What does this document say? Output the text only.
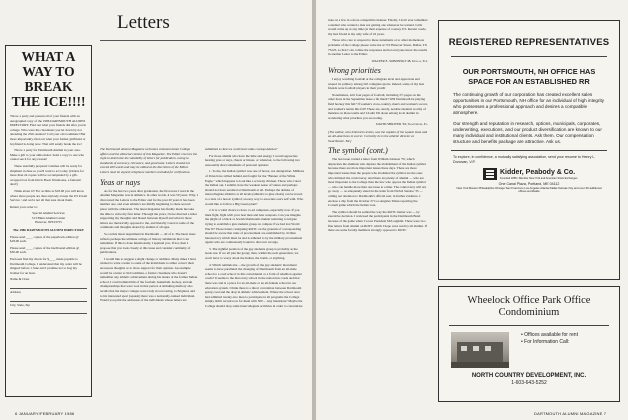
WHAT A WAY TO BREAK THE ICE!!!!

Throw a party and present all of your friends with an autographed copy of the 1986 DARTMOUTH ALUMNI DIRECTORY. Find out what your friends did after you in college. Who were the classmates you let down by not attending the 25th reunion? Call your old roommate! But more importantly, find out what your former girlfriend or boyfriend is doing now. That will surely break the ice!

Throw a party for Dartmouth Alumni in your area. Make a gift to your alma mater. Send a copy to one who cannot see it for any reason!

These tastefully prepared volumes will be ready for shipment in June so you'll want to act today. (Orders for more than 24 copies will be accompanied by a gift-wrapped box from Davis Book Warehouse, a fantastic deal!)

Think about it!! For as little as $18.00 you will know where more people are than anybody except the US Postal Service / and we're not all that sure about them.

Return your order to:

Special Alumni Services
313 Blunt Alumni Center
Hanover, NH 03755
The 1986 DARTMOUTH ALUMNI DIRECTORY

Please send ____ copies of the paperback edition @ $18.00 each.

Please send ____ copies of the hardbound edition @ $30.00 each.

Enclosed find my check for $____ made payable to Dartmouth College. I understand that my order will be shipped before 1 June and I promise not to hog my brother for an hour.

Name & Class
Address
City, State, Zip
Letters

The Dartmouth Alumni Magazine welcomes comment about College affairs and the editorial content of this Magazine. The Editor reserves the right to determine the suitability of letters for publication, owing to standards of accuracy, relevance, and good taste. Letters should not exceed 400 words and may be edited at the discretion of the Editor. Letters must be signed; telephone numbers included for verification.

Yeas or nays

As for the last two years after graduation, the first news I read in the Alumni Magazine was in athletics. In other words, it was 50 years. Why, I discovered the Letters to the Editor and for the past 20 years it has been number one, and even athletics are mildly beginning to share second place with the obituaries. The latest magazine has finally made me take the time to write my first letter. Through the years, I have directed a letter supporting my thoughts and biased between myself and what in those letters are rhetorically opposed to me, and literally voted at some of the comments and thoughts shared by alumni of all ages.

So on this latest department in Dartmouth — all of it. The latest issue reflects perhaps the ultimate collage of literary submittals that I can remember. If this is done intentionally, I applaud you. If not, then I propose that you look closely at this issue and consider continuity of publications.

I would like to suggest a slight change or addition. Many times I have wished to write a letter to some of the individuals to either correct their erroneous thoughts or to show support for their opinion. An example would be a letter to Sid Goldman, a former classmate who doesn't remember any athletic achievement during his tenure at the former Indian school. I could remind him of the football, basketball, hockey, and ski championships that were won in that period. A shrinking memory also recalls that the major colleges were tardy in recovering, to England, and to his interested sport (squash) there was a nationally-ranked individual. Would you print the addresses of the individuals whose letters are

submitted so that we could start some correspondence?

For those alumni who have the time and energy, I would appreciate hearing yeas or nays, cheers or hisses, or whatever, to the following two reasonably short statements of personal opinion:

1. To me, the Indian symbol was one of honor, not denigration. Millions of Poles have rallied behind and fought for the "Banner of the White Eagle," which happens to look like a scrawny chicken. Those who voted the Indian out, I submit, have the weakest sense of values and perhaps should not have enrolled at Dartmouth at all. Perhaps the demise of intercollegiate athletics at all levels (athletics to glue chairs) can be traced to a lack of a heroic symbol; an easy way to associate one's self with. Who would like to follow a Big Green plant?

2. It is a valid choice to have co-ed campuses, especially now. If you must fight, fight with your best men and best weapons. Can you imagine the plight of a black or Jewish Dartmouth student returning to irrigate trying to establish a gun students group on campus if we had lost World War II? Those letters castigating ROTC on the grounds of corresponding should be aware that rules of procurement are established by civilian bureaucracy which must be and is adhered to by the military procurement agents who are continuously bound to discover wrongs.

3. The rightful position of the gay students group is probably as the leads one. If we all join the group; then, within the next generation, we won't have to worry about the Indian, the bomb, or anything.

4. Which reminds me ... the growth of the gay students' movement seems to have paralleled the changing of Dartmouth from an all-male school to a coed school. Is this coincidental or a form of rebellion against coeds? It seems to me that every school in the nation has coeds and that there was and is a place for an all-male or an all-female school in our education system. I think there is a direct correlation between Dartmouth going coed and the drop in athletic achievement. Where the school once had admitted twenty-two men to participate in all programs the College simply didn't recruit now for them with 500 ... Any intentions? Maybe the College should drop some intercollegiate activities in order to concentrate

6 JANUARY/FEBRUARY 1986

trate on a few in a more competitive manner. Finally, I don't ever remember a student who wanted a date not getting one whenever he wanted. Girls would come up at any time (at their expense of course). P.S. Recent coeds, my best friend is my only wife of 22 years.

Those who care to respond to these statements or to other momentous problems of the College please write me at 710 Hanover Street, Dallas, TX 75225, so that I can collate the responses and let everyone know the results in another Letter to the Editor.

WALTER E. SOBONSKI '48, Dallas, Tex.
Wrong priorities

I enjoy watching football at the collegiate level and appreciate and respect its primacy among fall collegiate sports. Indeed, some of my best friends were football players in their youth!

Nonetheless, isn't four pages of football, including 2½ pages on the other lions in the September issue a bit much? Will Dartmouth be playing field hockey this fall? If women's cross-country, men's and women's soccer, and women's tennis this fall? These are, surely, notable students worthy of mention on those teams and I doubt I'm alone among local alumni in wondering what priorities you are noting.

DAVID SHRIVER '63, Swarthmore, Pa.

[The author, who lettered in tennis, was the captain of the squash team and an All-American in soccer. Currently he is the athletic director at Swarthmore. Ed.]

The symbol (cont.)

The last issue carried a letter from William Johnson '70, which deprecates the alumnus who deplore the abolishment of the Indian symbol because there are more important issues these days. There are more important issues than the people who abolished the symbol are the ones who initiated the controversy. And there are plenty of alumni — who are most important to the College than the few who oppose the Indian symbol — who can handle more than one issue at a time. The controversy will not go away — as adequately stated in the letter from Nichol Sandoe '35 — calling our attention to Dartmouth's official seal, in further evidence. I enclose a clip from the October 27 Los Angeles Times reporting the Cornell game which the Indian won.

The symbol should be settled the way the ROTC matter was — by executive decision. I reviewed the participants in the Dartmouth Band because of the game when I wrote President McLaughlin. There were two fine letters from alumni on ROTC which I hope were read by all alumni. If there are some faculty members strongly opposed to ROTC

REGISTERED REPRESENTATIVES
OUR PORTSMOUTH, NH OFFICE HAS SPACE FOR AN ESTABLISHED RR
The continuing growth of our corporation has created excellent sales opportunities in our Portsmouth, NH office for an individual of high integrity who possesses a professional approach and desires a compatible atmosphere.
Our strength and reputation in research, options, municipals, corporates, underwriting, executions, and our product diversification are known to our many individual and institutional clients. Ask them. Our compensation structure and benefits package are attractive. Ask us.
To explore, in confidence, a mutually satisfying association, send your resume to Henry L. Donovan, V.P.
Kidder, Peabody & Co.
Founded 1865 / Member New York and American Stock Exchanges
One Canal Plaza, Portland, ME 04112
New York Boston Philadelphia Chicago San Francisco Los Angeles Atlanta Dallas Kansas City and over 60 additional offices worldwide
Wheelock Office Park Office Condominium
• Offices available for rent
• For Information Call:
NORTH COUNTRY DEVELOPMENT, INC.
1-603-643-5252
DARTMOUTH ALUMNI MAGAZINE 7
